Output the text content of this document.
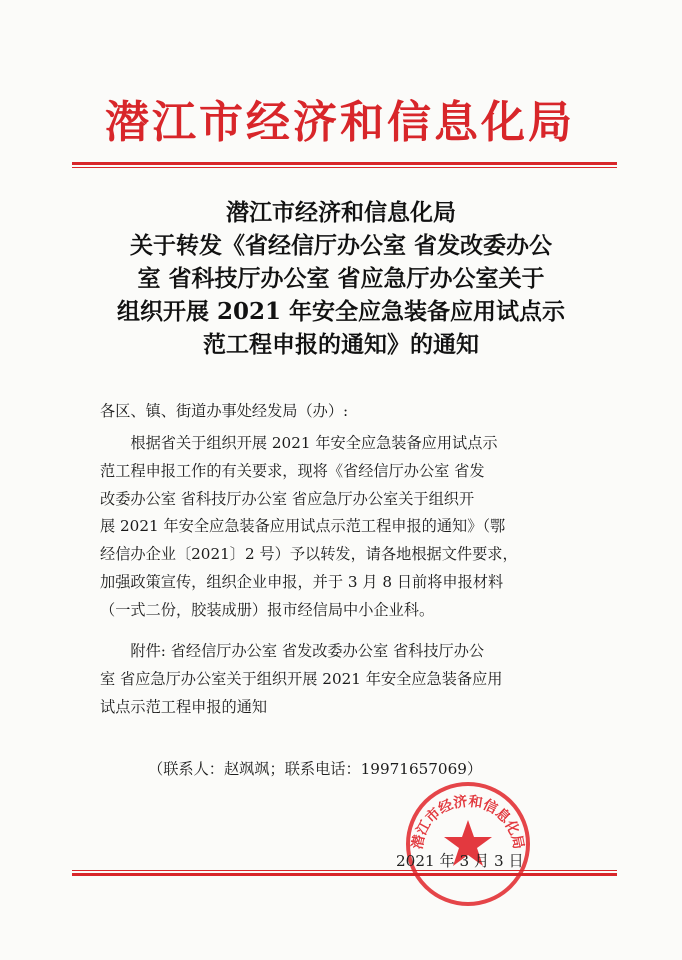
潜江市经济和信息化局
潜江市经济和信息化局
关于转发《省经信厅办公室 省发改委办公
室 省科技厅办公室 省应急厅办公室关于
组织开展 2021 年安全应急装备应用试点示
范工程申报的通知》的通知
各区、镇、街道办事处经发局（办）:
　　根据省关于组织开展 2021 年安全应急装备应用试点示
范工程申报工作的有关要求，现将《省经信厅办公室 省发
改委办公室 省科技厅办公室 省应急厅办公室关于组织开
展 2021 年安全应急装备应用试点示范工程申报的通知》（鄂
经信办企业〔2021〕2 号）予以转发，请各地根据文件要求，
加强政策宣传，组织企业申报，并于 3 月 8 日前将申报材料
（一式二份，胶装成册）报市经信局中小企业科。
　　附件: 省经信厅办公室 省发改委办公室 省科技厅办公
室 省应急厅办公室关于组织开展 2021 年安全应急装备应用
试点示范工程申报的通知
（联系人：赵飒飒；联系电话：19971657069）
潜江市经济和信息化局
2021 年 3 月 3 日
